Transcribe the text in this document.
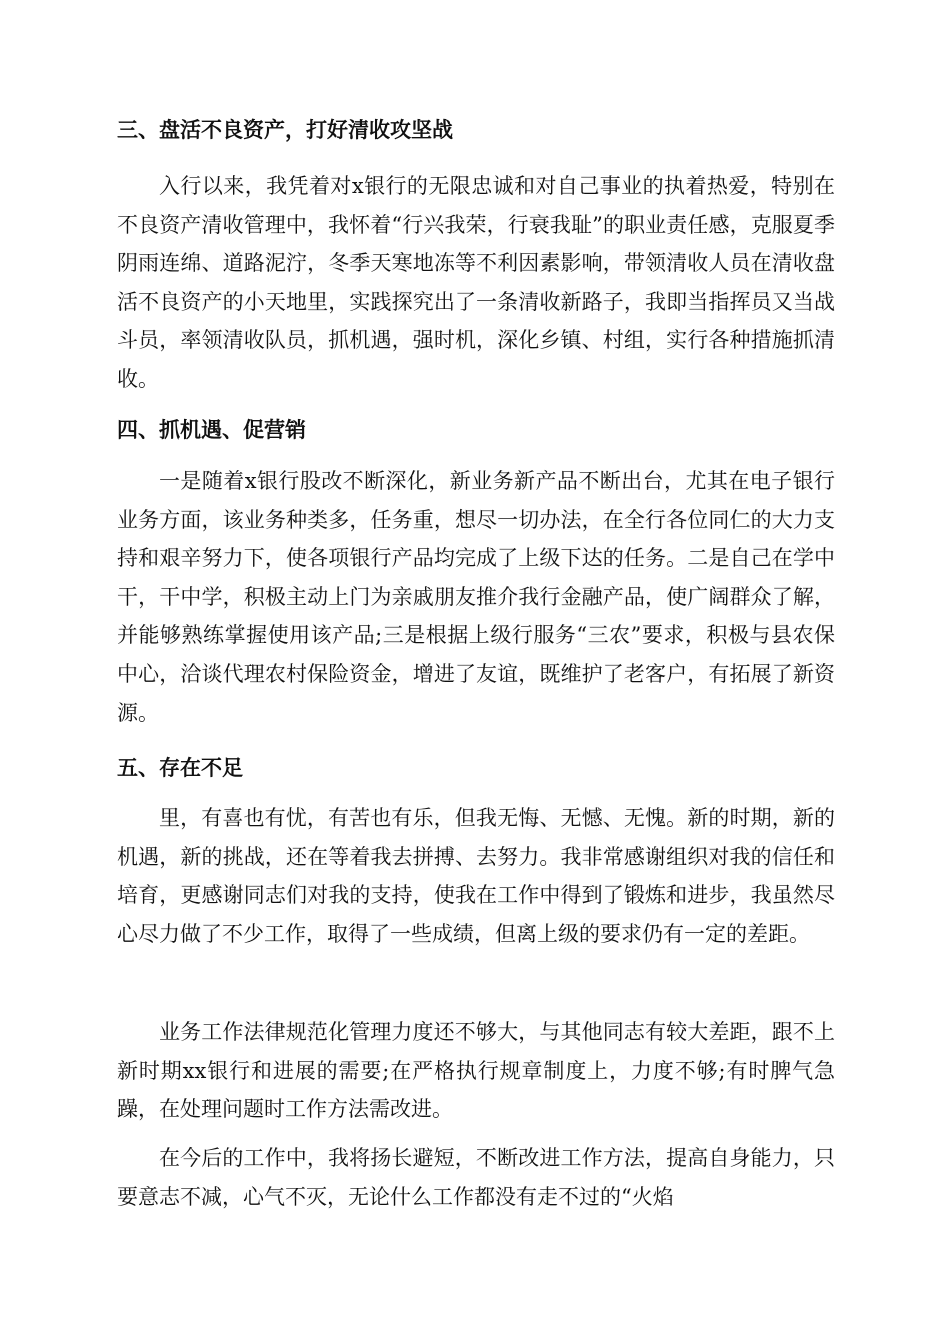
三、盘活不良资产，打好清收攻坚战

入行以来，我凭着对x银行的无限忠诚和对自己事业的执着热爱，特别在不良资产清收管理中，我怀着“行兴我荣，行衰我耻”的职业责任感，克服夏季阴雨连绵、道路泥泞，冬季天寒地冻等不利因素影响，带领清收人员在清收盘活不良资产的小天地里，实践探究出了一条清收新路子，我即当指挥员又当战斗员，率领清收队员，抓机遇，强时机，深化乡镇、村组，实行各种措施抓清收。

四、抓机遇、促营销

一是随着x银行股改不断深化，新业务新产品不断出台，尤其在电子银行业务方面，该业务种类多，任务重，想尽一切办法，在全行各位同仁的大力支持和艰辛努力下，使各项银行产品均完成了上级下达的任务。二是自己在学中干，干中学，积极主动上门为亲戚朋友推介我行金融产品，使广阔群众了解，并能够熟练掌握使用该产品;三是根据上级行服务“三农”要求，积极与县农保中心，洽谈代理农村保险资金，增进了友谊，既维护了老客户，有拓展了新资源。

五、存在不足

里，有喜也有忧，有苦也有乐，但我无悔、无憾、无愧。新的时期，新的机遇，新的挑战，还在等着我去拼搏、去努力。我非常感谢组织对我的信任和培育，更感谢同志们对我的支持，使我在工作中得到了锻炼和进步，我虽然尽心尽力做了不少工作，取得了一些成绩，但离上级的要求仍有一定的差距。

业务工作法律规范化管理力度还不够大，与其他同志有较大差距，跟不上新时期xx银行和进展的需要;在严格执行规章制度上，力度不够;有时脾气急躁，在处理问题时工作方法需改进。

在今后的工作中，我将扬长避短，不断改进工作方法，提高自身能力，只要意志不减，心气不灭，无论什么工作都没有走不过的“火焰
